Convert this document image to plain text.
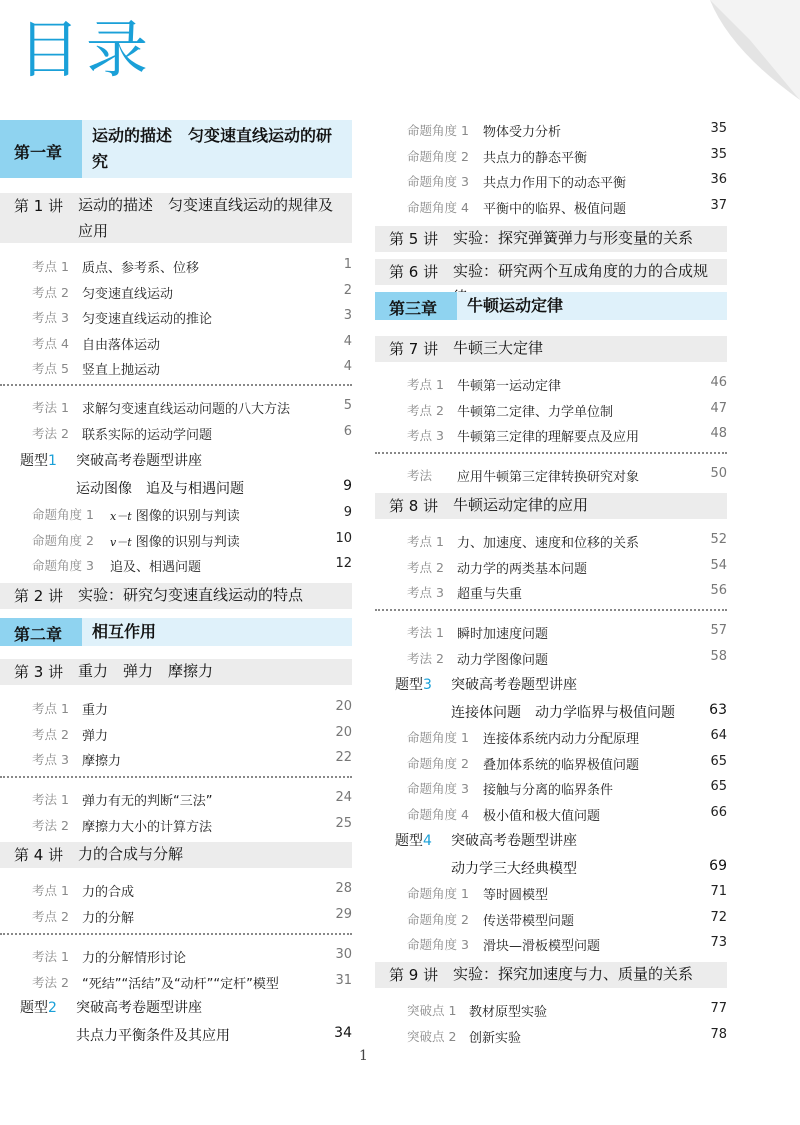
目录
第一章
运动的描述　匀变速直线运动的研究
第 1 讲 运动的描述　匀变速直线运动的规律及应用
考点 1 质点、参考系、位移	1
考点 2 匀变速直线运动	2
考点 3 匀变速直线运动的推论	3
考点 4 自由落体运动	4
考点 5 竖直上抛运动	4
考法 1 求解匀变速直线运动问题的八大方法	5
考法 2 联系实际的运动学问题	6
题型1 突破高考卷题型讲座
运动图像　追及与相遇问题	9
命题角度 1 x－t 图像的识别与判读	9
命题角度 2 v－t 图像的识别与判读	10
命题角度 3 追及、相遇问题	12
第 2 讲 实验：研究匀变速直线运动的特点
第二章 相互作用
第 3 讲 重力　弹力　摩擦力
考点 1 重力	20
考点 2 弹力	20
考点 3 摩擦力	22
考法 1 弹力有无的判断“三法”	24
考法 2 摩擦力大小的计算方法	25
第 4 讲 力的合成与分解
考点 1 力的合成	28
考点 2 力的分解	29
考法 1 力的分解情形讨论	30
考法 2 “死结”“活结”及“动杆”“定杆”模型	31
题型2 突破高考卷题型讲座
共点力平衡条件及其应用	34
命题角度 1 物体受力分析	35
命题角度 2 共点力的静态平衡	35
命题角度 3 共点力作用下的动态平衡	36
命题角度 4 平衡中的临界、极值问题	37
第 5 讲 实验：探究弹簧弹力与形变量的关系
第 6 讲 实验：研究两个互成角度的力的合成规
第三章 牛顿运动定律
第 7 讲 牛顿三大定律
考点 1 牛顿第一运动定律	46
考点 2 牛顿第二定律、力学单位制	47
考点 3 牛顿第三定律的理解要点及应用	48
考法 应用牛顿第三定律转换研究对象	50
第 8 讲 牛顿运动定律的应用
考点 1 力、加速度、速度和位移的关系	52
考点 2 动力学的两类基本问题	54
考点 3 超重与失重	56
考法 1 瞬时加速度问题	57
考法 2 动力学图像问题	58
题型3 突破高考卷题型讲座
连接体问题　动力学临界与极值问题 63
命题角度 1 连接体系统内动力分配原理	64
命题角度 2 叠加体系统的临界极值问题	65
命题角度 3 接触与分离的临界条件	65
命题角度 4 极小值和极大值问题	66
题型4 突破高考卷题型讲座
动力学三大经典模型	69
命题角度 1 等时圆模型	71
命题角度 2 传送带模型问题	72
命题角度 3 滑块—滑板模型问题	73
第 9 讲 实验：探究加速度与力、质量的关系
突破点 1 教材原型实验	77
突破点 2 创新实验	78
1
